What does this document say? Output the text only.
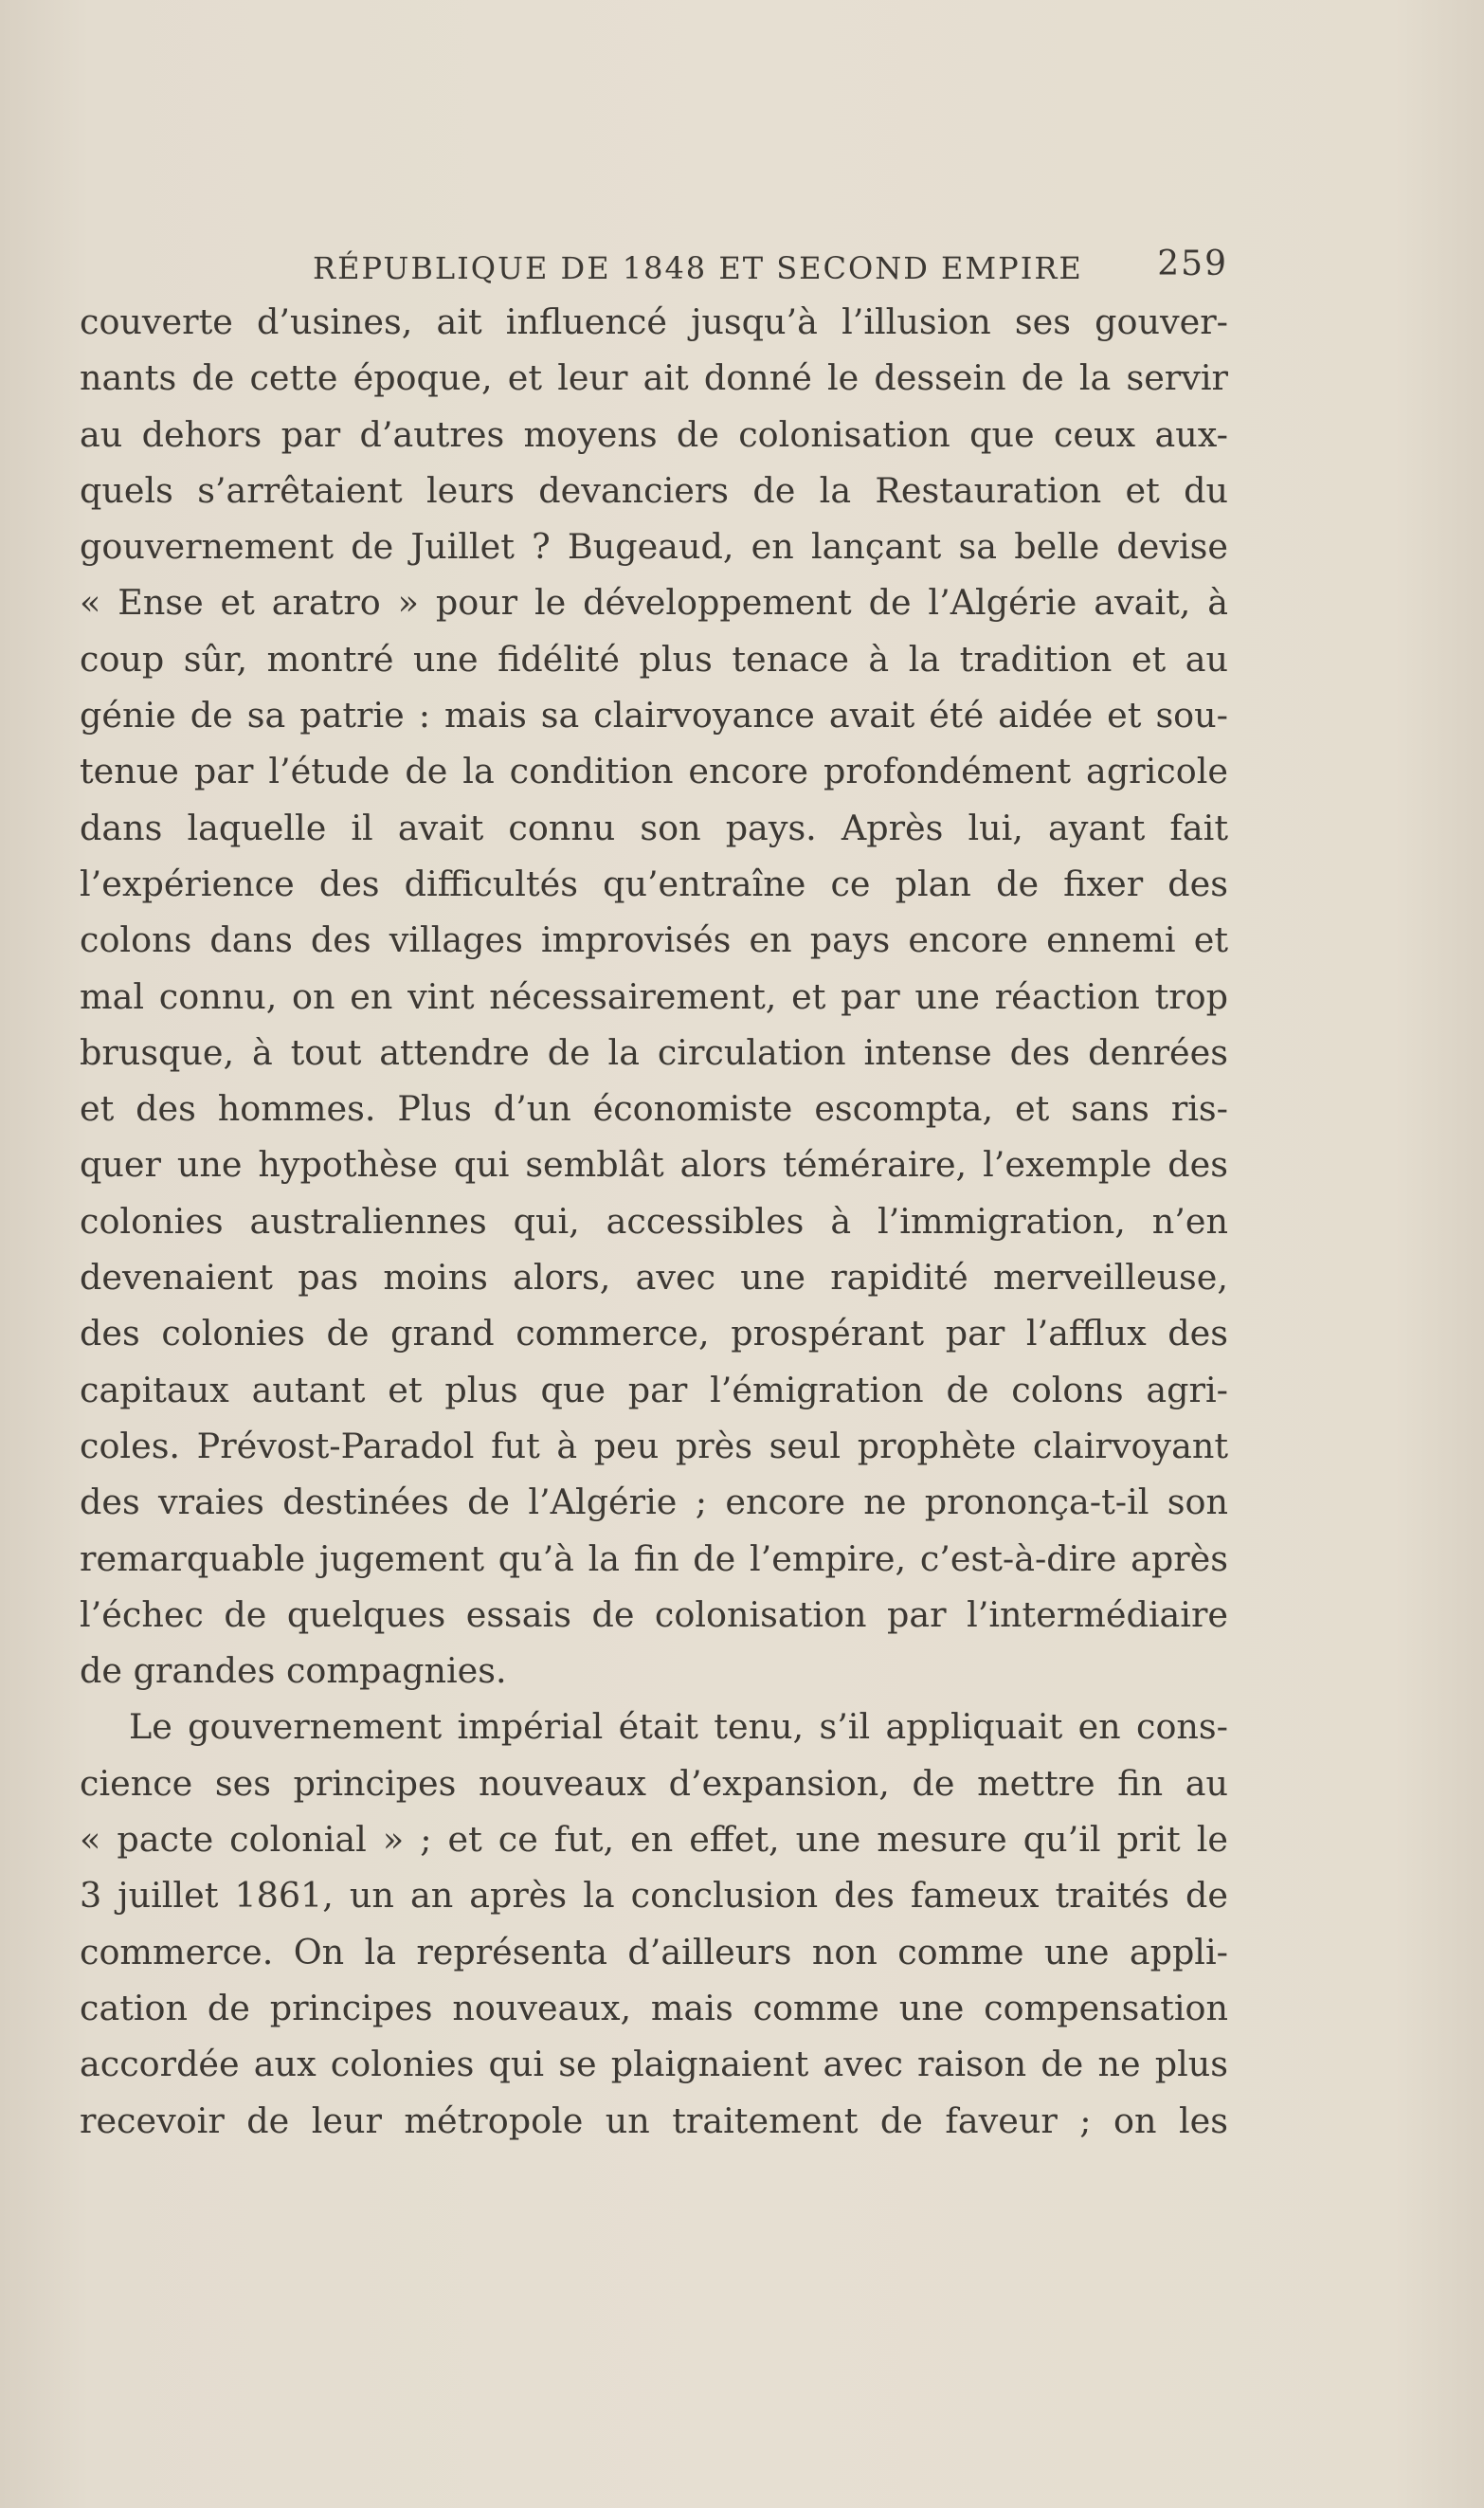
RÉPUBLIQUE DE 1848 ET SECOND EMPIRE 259
couverte d’usines, ait influencé jusqu’à l’illusion ses gouver-
nants de cette époque, et leur ait donné le dessein de la servir
au dehors par d’autres moyens de colonisation que ceux aux-
quels s’arrêtaient leurs devanciers de la Restauration et du
gouvernement de Juillet ? Bugeaud, en lançant sa belle devise
« Ense et aratro » pour le développement de l’Algérie avait, à
coup sûr, montré une fidélité plus tenace à la tradition et au
génie de sa patrie : mais sa clairvoyance avait été aidée et sou-
tenue par l’étude de la condition encore profondément agricole
dans laquelle il avait connu son pays. Après lui, ayant fait
l’expérience des difficultés qu’entraîne ce plan de fixer des
colons dans des villages improvisés en pays encore ennemi et
mal connu, on en vint nécessairement, et par une réaction trop
brusque, à tout attendre de la circulation intense des denrées
et des hommes. Plus d’un économiste escompta, et sans ris-
quer une hypothèse qui semblât alors téméraire, l’exemple des
colonies australiennes qui, accessibles à l’immigration, n’en
devenaient pas moins alors, avec une rapidité merveilleuse,
des colonies de grand commerce, prospérant par l’afflux des
capitaux autant et plus que par l’émigration de colons agri-
coles. Prévost-Paradol fut à peu près seul prophète clairvoyant
des vraies destinées de l’Algérie ; encore ne prononça-t-il son
remarquable jugement qu’à la fin de l’empire, c’est-à-dire après
l’échec de quelques essais de colonisation par l’intermédiaire
de grandes compagnies.
Le gouvernement impérial était tenu, s’il appliquait en cons-
cience ses principes nouveaux d’expansion, de mettre fin au
« pacte colonial » ; et ce fut, en effet, une mesure qu’il prit le
3 juillet 1861, un an après la conclusion des fameux traités de
commerce. On la représenta d’ailleurs non comme une appli-
cation de principes nouveaux, mais comme une compensation
accordée aux colonies qui se plaignaient avec raison de ne plus
recevoir de leur métropole un traitement de faveur ; on les
